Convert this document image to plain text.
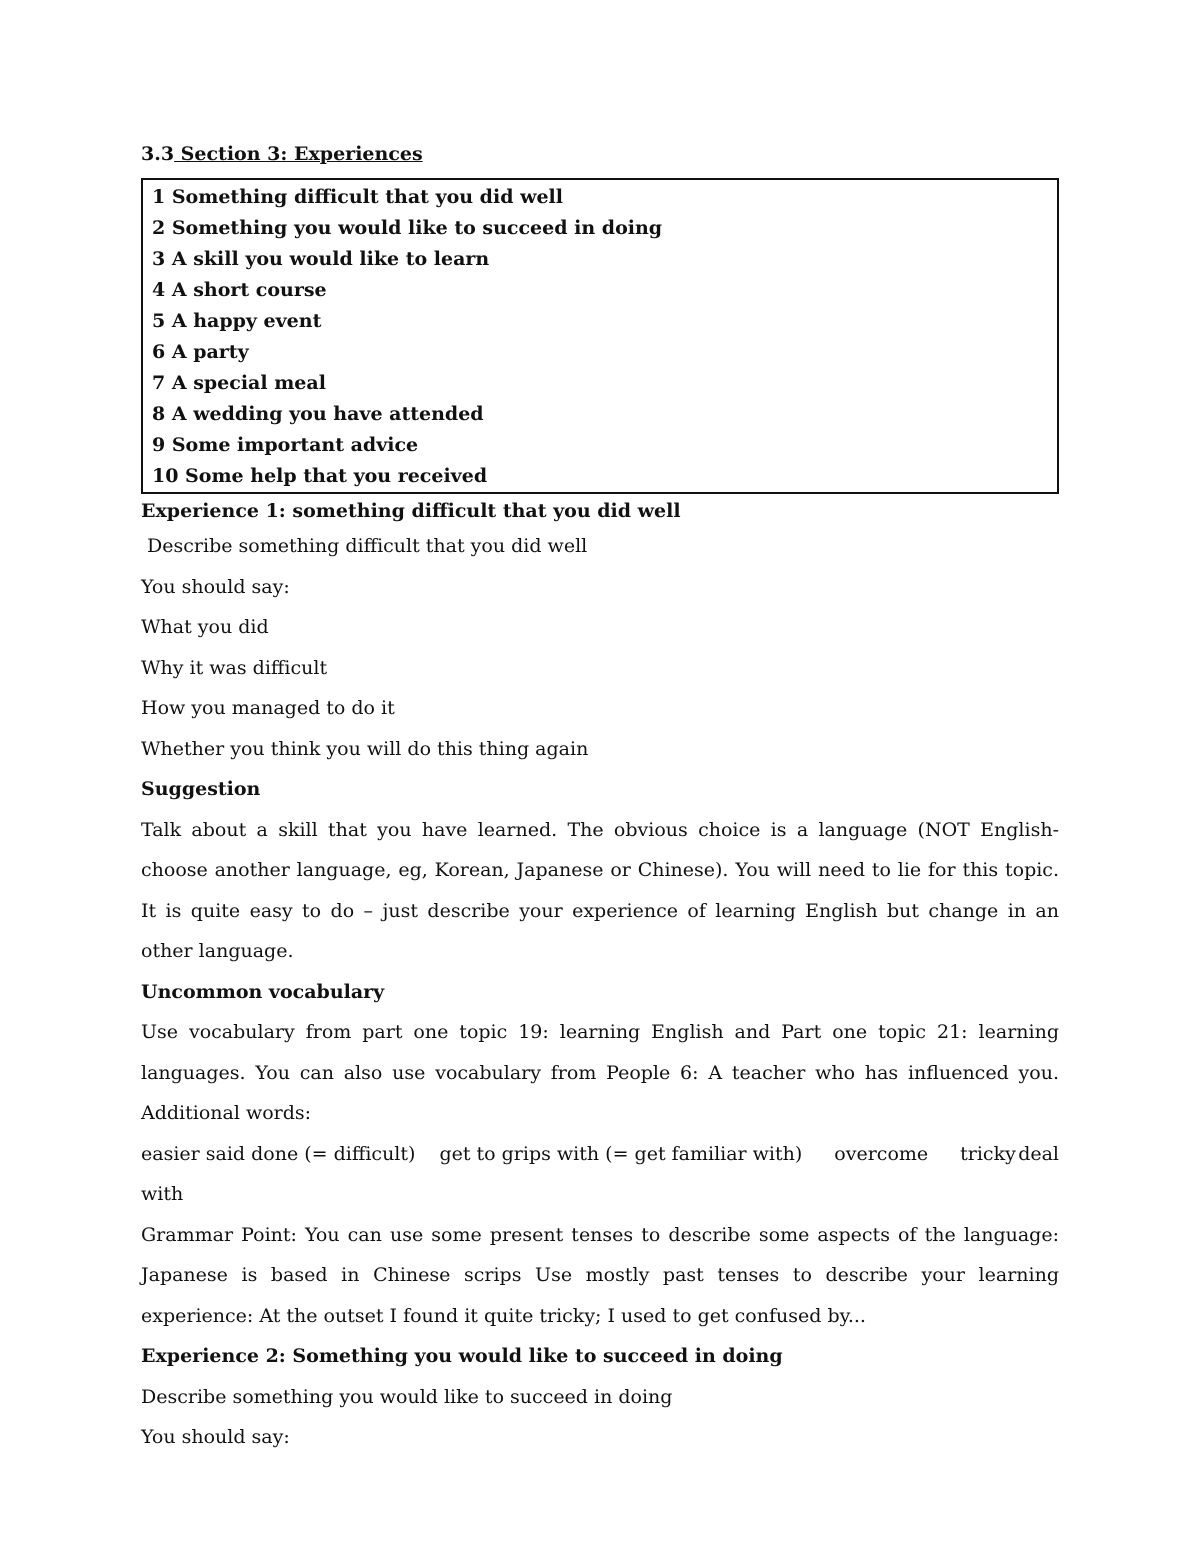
3.3 Section 3: Experiences

1 Something difficult that you did well
2 Something you would like to succeed in doing
3 A skill you would like to learn
4 A short course
5 A happy event
6 A party
7 A special meal
8 A wedding you have attended
9 Some important advice
10 Some help that you received
Experience 1: something difficult that you did well
Describe something difficult that you did well
You should say:
What you did
Why it was difficult
How you managed to do it
Whether you think you will do this thing again
Suggestion

Talk about a skill that you have learned. The obvious choice is a language (NOT English- choose another language, eg, Korean, Japanese or Chinese). You will need to lie for this topic. It is quite easy to do – just describe your experience of learning English but change in an other language.

Uncommon vocabulary

Use vocabulary from part one topic 19: learning English and Part one topic 21: learning languages. You can also use vocabulary from People 6: A teacher who has influenced you. Additional words:

easier said done (= difficult) get to grips with (= get familiar with) overcome tricky deal
with

Grammar Point: You can use some present tenses to describe some aspects of the language: Japanese is based in Chinese scrips Use mostly past tenses to describe your learning experience: At the outset I found it quite tricky; I used to get confused by...

Experience 2: Something you would like to succeed in doing
Describe something you would like to succeed in doing
You should say:
